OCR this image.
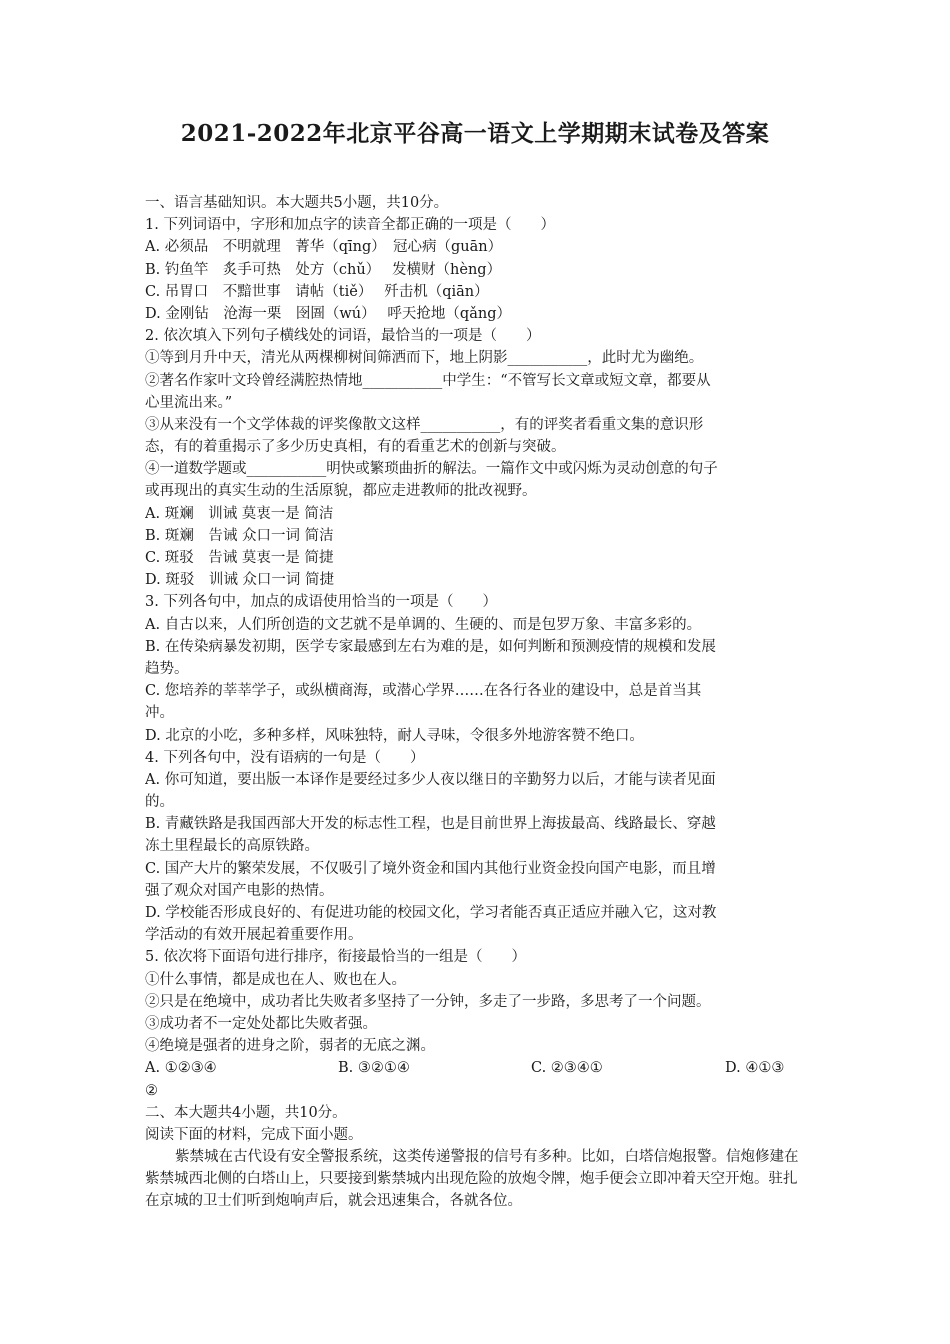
2021-2022年北京平谷高一语文上学期期末试卷及答案
一、语言基础知识。本大题共5小题，共10分。
1. 下列词语中，字形和加点字的读音全都正确的一项是（　　）
A. 必须品　不明就理　菁华（qīng）　冠心病（guān）
B. 钓鱼竿　炙手可热　处方（chǔ）　 发横财（hèng）
C. 吊胃口　不黯世事　请帖（tiě）　 歼击机（qiān）
D. 金刚钻　沧海一栗　囹圄（wú）　 呼天抢地（qǎng）
2. 依次填入下列句子横线处的词语，最恰当的一项是（　　）
①等到月升中天，清光从两棵柳树间筛洒而下，地上阴影___________，此时尤为幽绝。
②著名作家叶文玲曾经满腔热情地___________中学生：“不管写长文章或短文章，都要从
心里流出来。”
③从来没有一个文学体裁的评奖像散文这样___________，有的评奖者看重文集的意识形
态，有的着重揭示了多少历史真相，有的看重艺术的创新与突破。
④一道数学题或___________明快或繁琐曲折的解法。一篇作文中或闪烁为灵动创意的句子
或再现出的真实生动的生活原貌，都应走进教师的批改视野。
A. 斑斓　训诫 莫衷一是 简洁
B. 斑斓　告诫 众口一词 简洁
C. 斑驳　告诫 莫衷一是 简捷
D. 斑驳　训诫 众口一词 简捷
3. 下列各句中，加点的成语使用恰当的一项是（　　）
A. 自古以来，人们所创造的文艺就不是单调的、生硬的、而是包罗万象、丰富多彩的。
B. 在传染病暴发初期，医学专家最感到左右为难的是，如何判断和预测疫情的规模和发展
趋势。
C. 您培养的莘莘学子，或纵横商海，或潜心学界……在各行各业的建设中，总是首当其
冲。
D. 北京的小吃，多种多样，风味独特，耐人寻味，令很多外地游客赞不绝口。
4. 下列各句中，没有语病的一句是（　　）
A. 你可知道，要出版一本译作是要经过多少人夜以继日的辛勤努力以后，才能与读者见面
的。
B. 青藏铁路是我国西部大开发的标志性工程，也是目前世界上海拔最高、线路最长、穿越
冻土里程最长的高原铁路。
C. 国产大片的繁荣发展，不仅吸引了境外资金和国内其他行业资金投向国产电影，而且增
强了观众对国产电影的热情。
D. 学校能否形成良好的、有促进功能的校园文化，学习者能否真正适应并融入它，这对教
学活动的有效开展起着重要作用。
5. 依次将下面语句进行排序，衔接最恰当的一组是（　　）
①什么事情，都是成也在人、败也在人。
②只是在绝境中，成功者比失败者多坚持了一分钟，多走了一步路，多思考了一个问题。
③成功者不一定处处都比失败者强。
④绝境是强者的进身之阶，弱者的无底之渊。
A. ①②③④	B. ③②①④	C. ②③④①	D. ④①③
②
二、本大题共4小题，共10分。
阅读下面的材料，完成下面小题。
紫禁城在古代设有安全警报系统，这类传递警报的信号有多种。比如，白塔信炮报警。信炮修建在紫禁城西北侧的白塔山上，只要接到紫禁城内出现危险的放炮令牌，炮手便会立即冲着天空开炮。驻扎在京城的卫士们听到炮响声后，就会迅速集合，各就各位。
